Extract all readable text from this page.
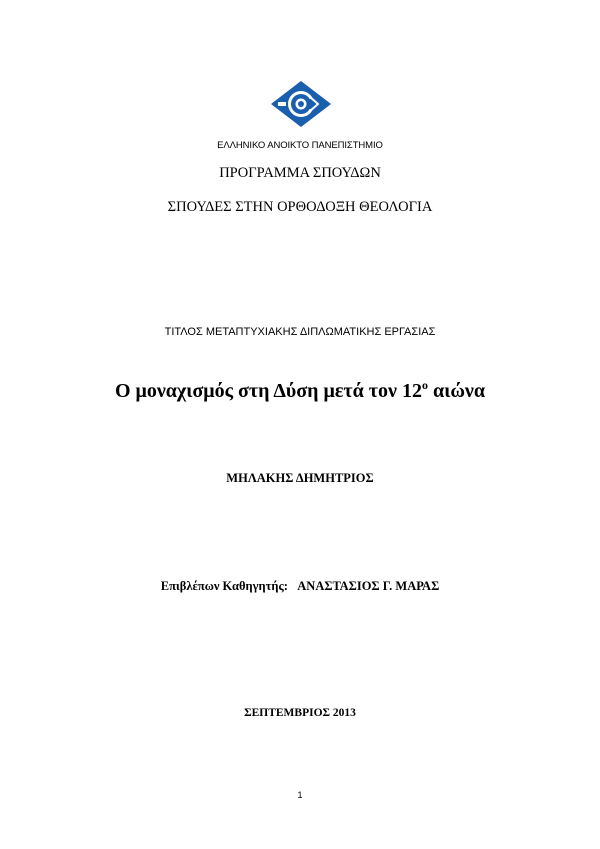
ΕΛΛΗΝΙΚΟ ΑΝΟΙΚΤΟ ΠΑΝΕΠΙΣΤΗΜΙΟ
ΠΡΟΓΡΑΜΜΑ ΣΠΟΥΔΩΝ
ΣΠΟΥΔΕΣ ΣΤΗΝ ΟΡΘΟΔΟΞΗ ΘΕΟΛΟΓΙΑ
ΤΙΤΛΟΣ ΜΕΤΑΠΤΥΧΙΑΚΗΣ ΔΙΠΛΩΜΑΤΙΚΗΣ ΕΡΓΑΣΙΑΣ
Ο μοναχισμός στη Δύση μετά τον $12^o$ αιώνα
ΜΗΛΑΚΗΣ ΔΗΜΗΤΡΙΟΣ
Επιβλέπων Καθηγητής: ΑΝΑΣΤΑΣΙΟΣ Γ. ΜΑΡΑΣ
ΣΕΠΤΕΜΒΡΙΟΣ 2013
1
